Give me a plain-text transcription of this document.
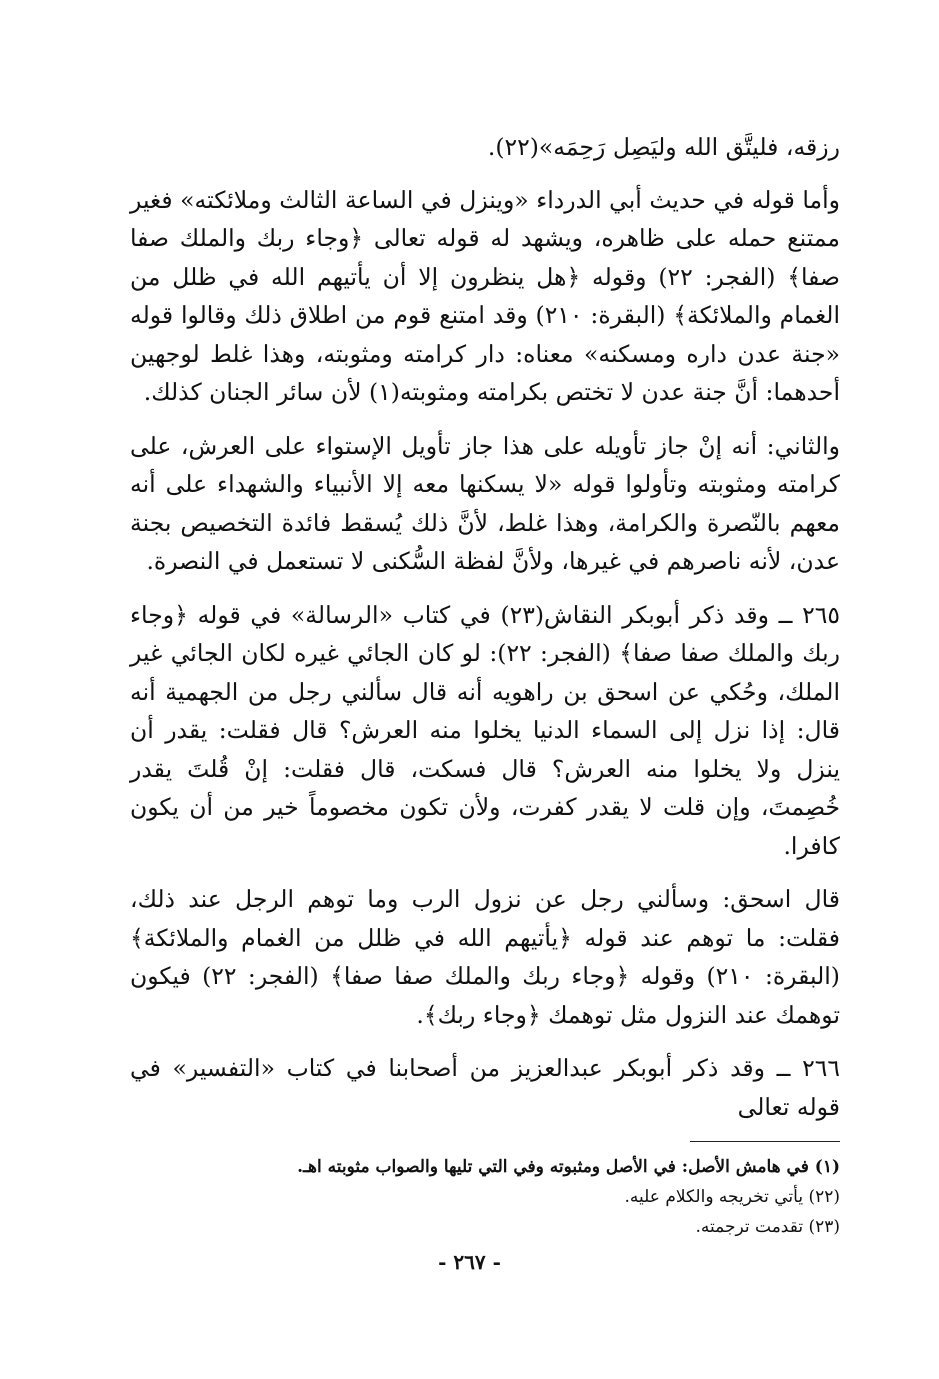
رزقه، فليتَّق الله وليَصِل رَحِمَه»(٢٢).

وأما قوله في حديث أبي الدرداء «وينزل في الساعة الثالث وملائكته» فغير ممتنع حمله على ظاهره، ويشهد له قوله تعالى ﴿وجاء ربك والملك صفا صفا﴾ (الفجر: ٢٢) وقوله ﴿هل ينظرون إلا أن يأتيهم الله في ظلل من الغمام والملائكة﴾ (البقرة: ٢١٠) وقد امتنع قوم من اطلاق ذلك وقالوا قوله «جنة عدن داره ومسكنه» معناه: دار كرامته ومثوبته، وهذا غلط لوجهين أحدهما: أنَّ جنة عدن لا تختص بكرامته ومثوبته(١) لأن سائر الجنان كذلك.

والثاني: أنه إنْ جاز تأويله على هذا جاز تأويل الإستواء على العرش، على كرامته ومثوبته وتأولوا قوله «لا يسكنها معه إلا الأنبياء والشهداء على أنه معهم بالنّصرة والكرامة، وهذا غلط، لأنَّ ذلك يُسقط فائدة التخصيص بجنة عدن، لأنه ناصرهم في غيرها، ولأنَّ لفظة السُّكنى لا تستعمل في النصرة.

٢٦٥ ــ وقد ذكر أبوبكر النقاش(٢٣) في كتاب «الرسالة» في قوله ﴿وجاء ربك والملك صفا صفا﴾ (الفجر: ٢٢): لو كان الجائي غيره لكان الجائي غير الملك، وحُكي عن اسحق بن راهويه أنه قال سألني رجل من الجهمية أنه قال: إذا نزل إلى السماء الدنيا يخلوا منه العرش؟ قال فقلت: يقدر أن ينزل ولا يخلوا منه العرش؟ قال فسكت، قال فقلت: إنْ قُلتَ يقدر خُصِمتَ، وإن قلت لا يقدر كفرت، ولأن تكون مخصوماً خير من أن يكون كافرا.

قال اسحق: وسألني رجل عن نزول الرب وما توهم الرجل عند ذلك، فقلت: ما توهم عند قوله ﴿يأتيهم الله في ظلل من الغمام والملائكة﴾ (البقرة: ٢١٠) وقوله ﴿وجاء ربك والملك صفا صفا﴾ (الفجر: ٢٢) فيكون توهمك عند النزول مثل توهمك ﴿وجاء ربك﴾.

٢٦٦ ــ وقد ذكر أبوبكر عبدالعزيز من أصحابنا في كتاب «التفسير» في قوله تعالى

(١) في هامش الأصل: في الأصل ومثبوته وفي التي تليها والصواب مثوبته اهـ.

(٢٢) يأتي تخريجه والكلام عليه.

(٢٣) تقدمت ترجمته.

- ٢٦٧ -
